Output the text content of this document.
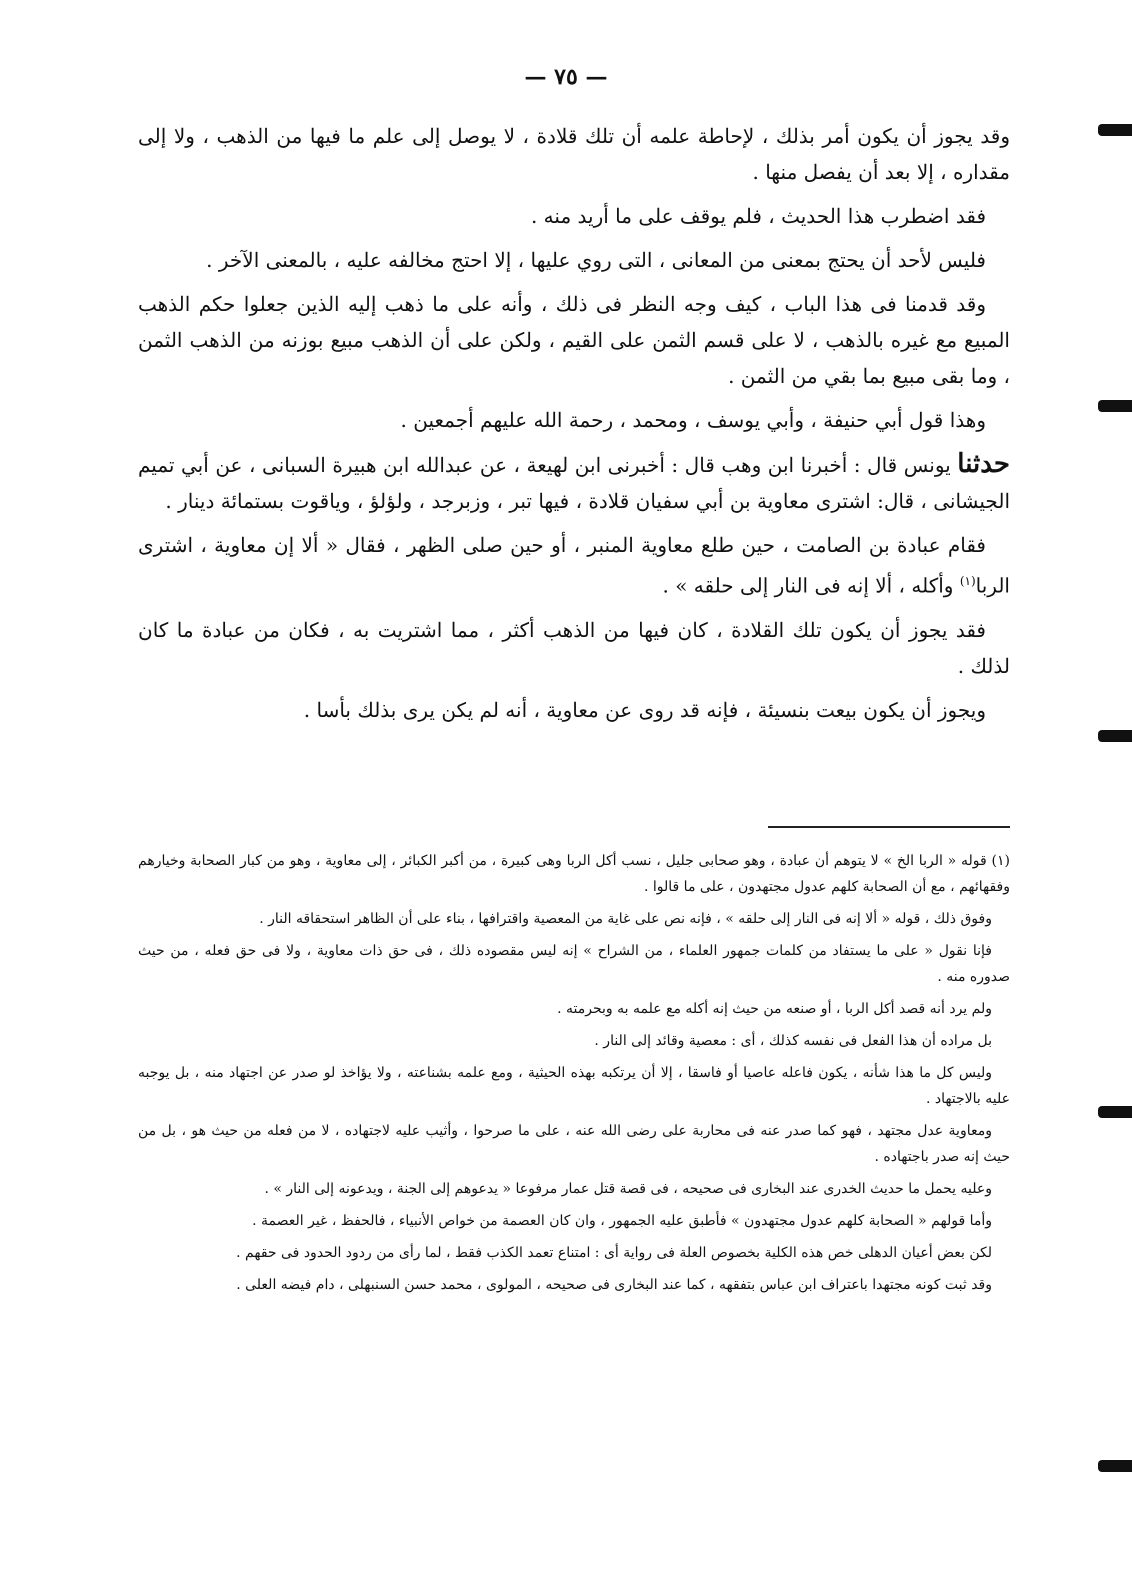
— ٧٥ —

وقد يجوز أن يكون أمر بذلك ، لإحاطة علمه أن تلك قلادة ، لا يوصل إلى علم ما فيها من الذهب ، ولا إلى مقداره ، إلا بعد أن يفصل منها .

فقد اضطرب هذا الحديث ، فلم يوقف على ما أريد منه .

فليس لأحد أن يحتج بمعنى من المعانى ، التى روي عليها ، إلا احتج مخالفه عليه ، بالمعنى الآخر .

وقد قدمنا فى هذا الباب ، كيف وجه النظر فى ذلك ، وأنه على ما ذهب إليه الذين جعلوا حكم الذهب المبيع مع غيره بالذهب ، لا على قسم الثمن على القيم ، ولكن على أن الذهب مبيع بوزنه من الذهب الثمن ، وما بقى مبيع بما بقي من الثمن .

وهذا قول أبي حنيفة ، وأبي يوسف ، ومحمد ، رحمة الله عليهم أجمعين .

حدثنا يونس قال : أخبرنا ابن وهب قال : أخبرنى ابن لهيعة ، عن عبدالله ابن هبيرة السبانى ، عن أبي تميم الجيشانى ، قال: اشترى معاوية بن أبي سفيان قلادة ، فيها تبر ، وزبرجد ، ولؤلؤ ، وياقوت بستمائة دينار .

فقام عبادة بن الصامت ، حين طلع معاوية المنبر ، أو حين صلى الظهر ، فقال « ألا إن معاوية ، اشترى الربا$^{(١)}$ وأكله ، ألا إنه فى النار إلى حلقه » .

فقد يجوز أن يكون تلك القلادة ، كان فيها من الذهب أكثر ، مما اشتريت به ، فكان من عبادة ما كان لذلك .

ويجوز أن يكون بيعت بنسيئة ، فإنه قد روى عن معاوية ، أنه لم يكن يرى بذلك بأسا .

(١) قوله « الربا الخ » لا يتوهم أن عبادة ، وهو صحابى جليل ، نسب أكل الربا وهى كبيرة ، من أكبر الكبائر ، إلى معاوية ، وهو من كبار الصحابة وخيارهم وفقهائهم ، مع أن الصحابة كلهم عدول مجتهدون ، على ما قالوا .

وفوق ذلك ، قوله « ألا إنه فى النار إلى حلقه » ، فإنه نص على غاية من المعصية واقترافها ، بناء على أن الظاهر استحقاقه النار .

فإنا نقول « على ما يستفاد من كلمات جمهور العلماء ، من الشراح » إنه ليس مقصوده ذلك ، فى حق ذات معاوية ، ولا فى حق فعله ، من حيث صدوره منه .

ولم يرد أنه قصد أكل الربا ، أو صنعه من حيث إنه أكله مع علمه به وبحرمته .

بل مراده أن هذا الفعل فى نفسه كذلك ، أى : معصية وقائد إلى النار .

وليس كل ما هذا شأنه ، يكون فاعله عاصيا أو فاسقا ، إلا أن يرتكبه بهذه الحيثية ، ومع علمه بشناعته ، ولا يؤاخذ لو صدر عن اجتهاد منه ، بل يوجبه عليه بالاجتهاد .

ومعاوية عدل مجتهد ، فهو كما صدر عنه فى محاربة على رضى الله عنه ، على ما صرحوا ، وأثيب عليه لاجتهاده ، لا من فعله من حيث هو ، بل من حيث إنه صدر باجتهاده .

وعليه يحمل ما حديث الخدرى عند البخارى فى صحيحه ، فى قصة قتل عمار مرفوعا « يدعوهم إلى الجنة ، ويدعونه إلى النار » .

وأما قولهم « الصحابة كلهم عدول مجتهدون » فأطبق عليه الجمهور ، وان كان العصمة من خواص الأنبياء ، فالحفظ ، غير العصمة .

لكن بعض أعيان الدهلى خص هذه الكلية بخصوص العلة فى رواية أى : امتناع تعمد الكذب فقط ، لما رأى من ردود الحدود فى حقهم .

وقد ثبت كونه مجتهدا باعتراف ابن عباس بتفقهه ، كما عند البخارى فى صحيحه ، المولوى ، محمد حسن السنبهلى ، دام فيضه العلى .
